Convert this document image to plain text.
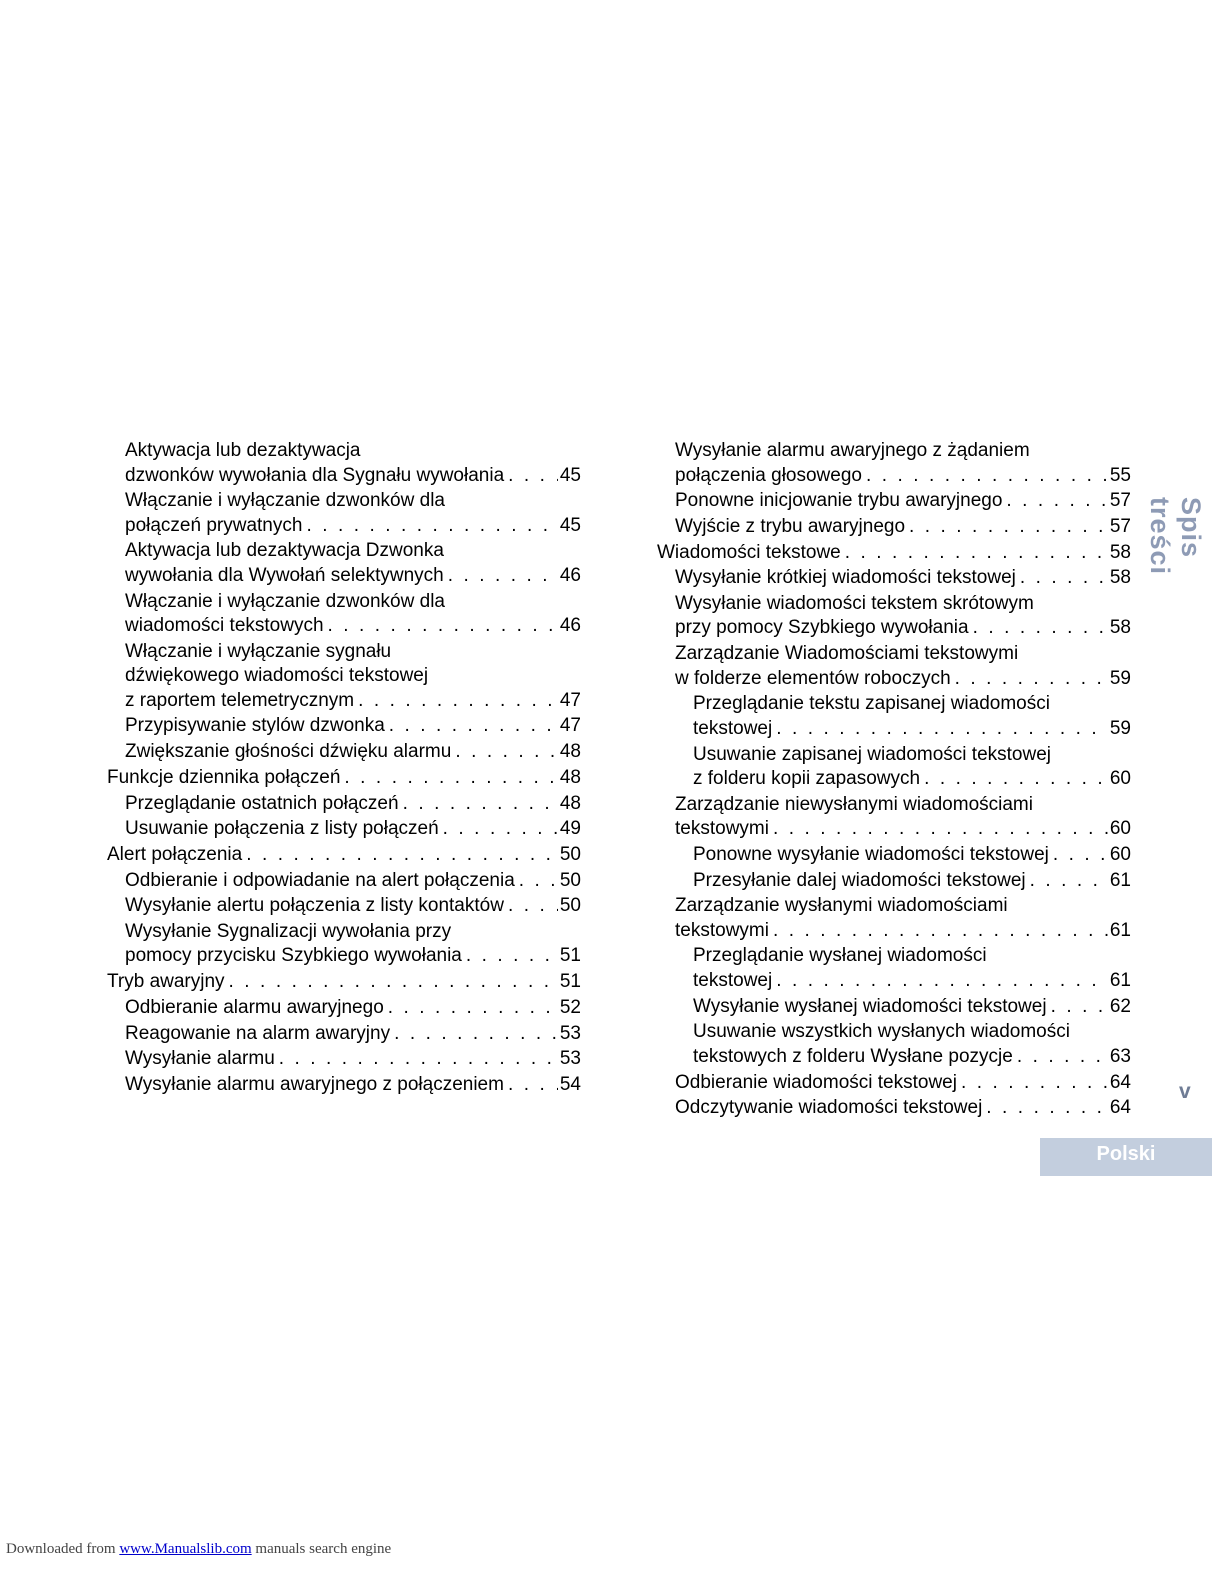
Aktywacja lub dezaktywacja
dzwonków wywołania dla Sygnału wywołania . . .	45
Włączanie i wyłączanie dzwonków dla
połączeń prywatnych . . .	45
Aktywacja lub dezaktywacja Dzwonka
wywołania dla Wywołań selektywnych . . .	46
Włączanie i wyłączanie dzwonków dla
wiadomości tekstowych . . .	46
Włączanie i wyłączanie sygnału
dźwiękowego wiadomości tekstowej
z raportem telemetrycznym . . .	47
Przypisywanie stylów dzwonka . . .	47
Zwiększanie głośności dźwięku alarmu . . .	48
Funkcje dziennika połączeń . . .	48
Przeglądanie ostatnich połączeń . . .	48
Usuwanie połączenia z listy połączeń . . .	49
Alert połączenia . . .	50
Odbieranie i odpowiadanie na alert połączenia . . . 50
Wysyłanie alertu połączenia z listy kontaktów . . .	50
Wysyłanie Sygnalizacji wywołania przy
pomocy przycisku Szybkiego wywołania . . .	51
Tryb awaryjny . . .	51
Odbieranie alarmu awaryjnego . . .	52
Reagowanie na alarm awaryjny . . .	53
Wysyłanie alarmu . . .	53
Wysyłanie alarmu awaryjnego z połączeniem . . .	54
Wysyłanie alarmu awaryjnego z żądaniem
połączenia głosowego . . .	55
Ponowne inicjowanie trybu awaryjnego . . .	57
Wyjście z trybu awaryjnego . . .	57
Wiadomości tekstowe . . .	58
Wysyłanie krótkiej wiadomości tekstowej . . .	58
Wysyłanie wiadomości tekstem skrótowym
przy pomocy Szybkiego wywołania . . .	58
Zarządzanie Wiadomościami tekstowymi
w folderze elementów roboczych . . .	59
Przeglądanie tekstu zapisanej wiadomości
tekstowej . . .	59
Usuwanie zapisanej wiadomości tekstowej
z folderu kopii zapasowych . . .	60
Zarządzanie niewysłanymi wiadomościami
tekstowymi . . .	60
Ponowne wysyłanie wiadomości tekstowej . . .	60
Przesyłanie dalej wiadomości tekstowej . . .	61
Zarządzanie wysłanymi wiadomościami
tekstowymi . . .	61
Przeglądanie wysłanej wiadomości
tekstowej . . .	61
Wysyłanie wysłanej wiadomości tekstowej . . .	62
Usuwanie wszystkich wysłanych wiadomości
tekstowych z folderu Wysłane pozycje . . .	63
Odbieranie wiadomości tekstowej . . .	64
Odczytywanie wiadomości tekstowej . . .	64
Spis treści
v
Polski
Downloaded from www.Manualslib.com manuals search engine
